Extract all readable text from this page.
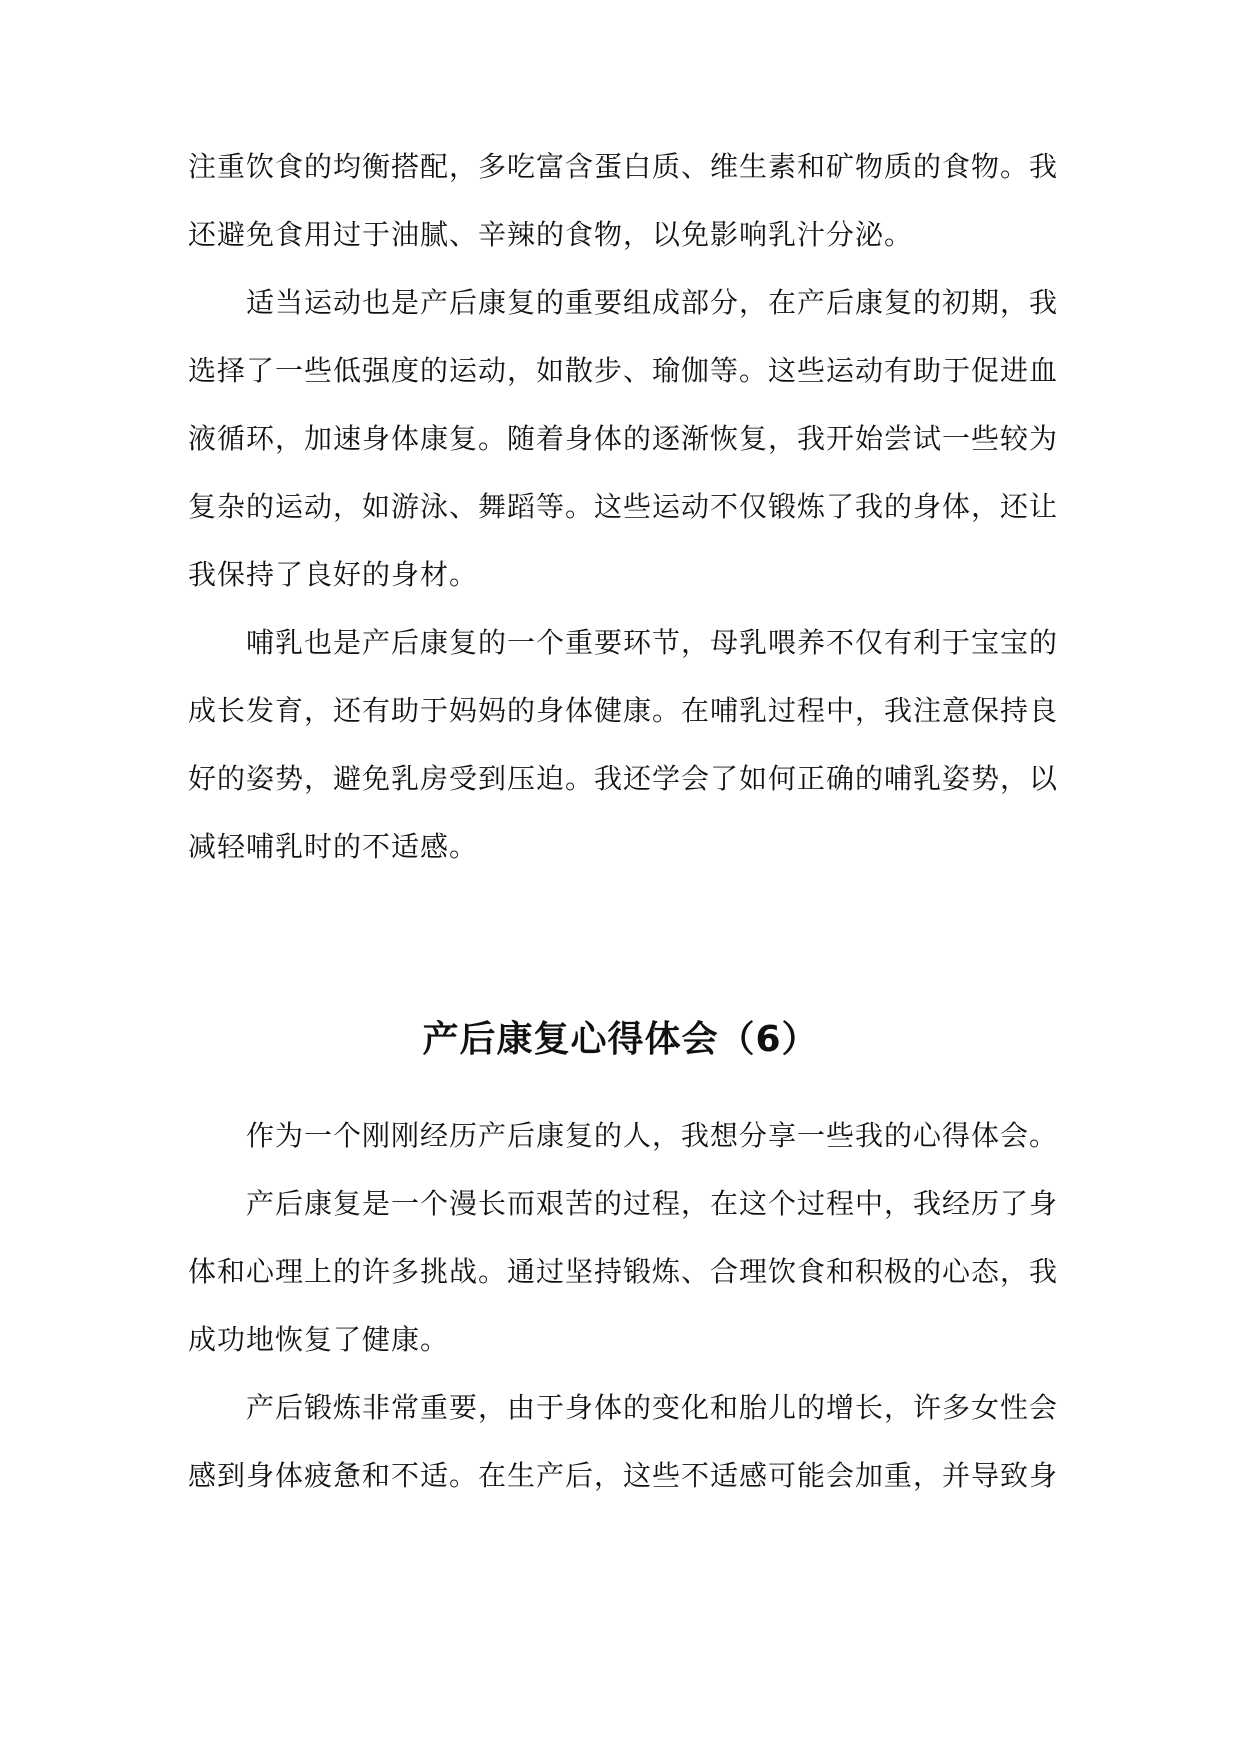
注重饮食的均衡搭配，多吃富含蛋白质、维生素和矿物质的食物。我还避免食用过于油腻、辛辣的食物，以免影响乳汁分泌。

适当运动也是产后康复的重要组成部分，在产后康复的初期，我选择了一些低强度的运动，如散步、瑜伽等。这些运动有助于促进血液循环，加速身体康复。随着身体的逐渐恢复，我开始尝试一些较为复杂的运动，如游泳、舞蹈等。这些运动不仅锻炼了我的身体，还让我保持了良好的身材。

哺乳也是产后康复的一个重要环节，母乳喂养不仅有利于宝宝的成长发育，还有助于妈妈的身体健康。在哺乳过程中，我注意保持良好的姿势，避免乳房受到压迫。我还学会了如何正确的哺乳姿势，以减轻哺乳时的不适感。

产后康复心得体会（6）

作为一个刚刚经历产后康复的人，我想分享一些我的心得体会。

产后康复是一个漫长而艰苦的过程，在这个过程中，我经历了身体和心理上的许多挑战。通过坚持锻炼、合理饮食和积极的心态，我成功地恢复了健康。

产后锻炼非常重要，由于身体的变化和胎儿的增长，许多女性会感到身体疲惫和不适。在生产后，这些不适感可能会加重，并导致身
